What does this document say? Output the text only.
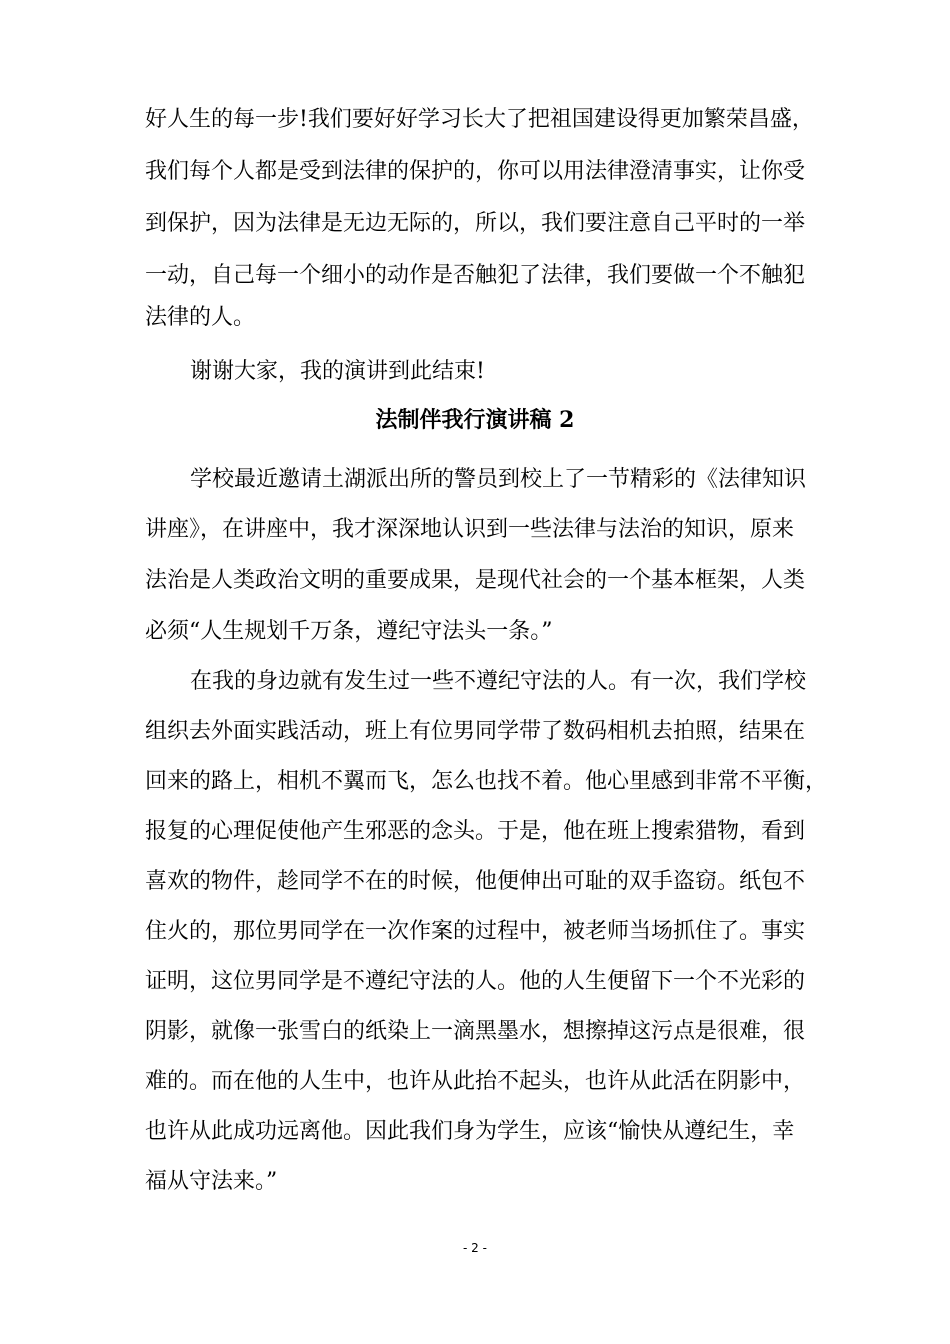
好人生的每一步!我们要好好学习长大了把祖国建设得更加繁荣昌盛，
我们每个人都是受到法律的保护的，你可以用法律澄清事实，让你受
到保护，因为法律是无边无际的，所以，我们要注意自己平时的一举
一动，自己每一个细小的动作是否触犯了法律，我们要做一个不触犯
法律的人。
谢谢大家，我的演讲到此结束!
法制伴我行演讲稿 2
学校最近邀请土湖派出所的警员到校上了一节精彩的《法律知识
讲座》，在讲座中，我才深深地认识到一些法律与法治的知识，原来
法治是人类政治文明的重要成果，是现代社会的一个基本框架，人类
必须“人生规划千万条，遵纪守法头一条。”
在我的身边就有发生过一些不遵纪守法的人。有一次，我们学校
组织去外面实践活动，班上有位男同学带了数码相机去拍照，结果在
回来的路上，相机不翼而飞，怎么也找不着。他心里感到非常不平衡，
报复的心理促使他产生邪恶的念头。于是，他在班上搜索猎物，看到
喜欢的物件，趁同学不在的时候，他便伸出可耻的双手盗窃。纸包不
住火的，那位男同学在一次作案的过程中，被老师当场抓住了。事实
证明，这位男同学是不遵纪守法的人。他的人生便留下一个不光彩的
阴影，就像一张雪白的纸染上一滴黑墨水，想擦掉这污点是很难，很
难的。而在他的人生中，也许从此抬不起头，也许从此活在阴影中，
也许从此成功远离他。因此我们身为学生，应该“愉快从遵纪生，幸
福从守法来。”
- 2 -
